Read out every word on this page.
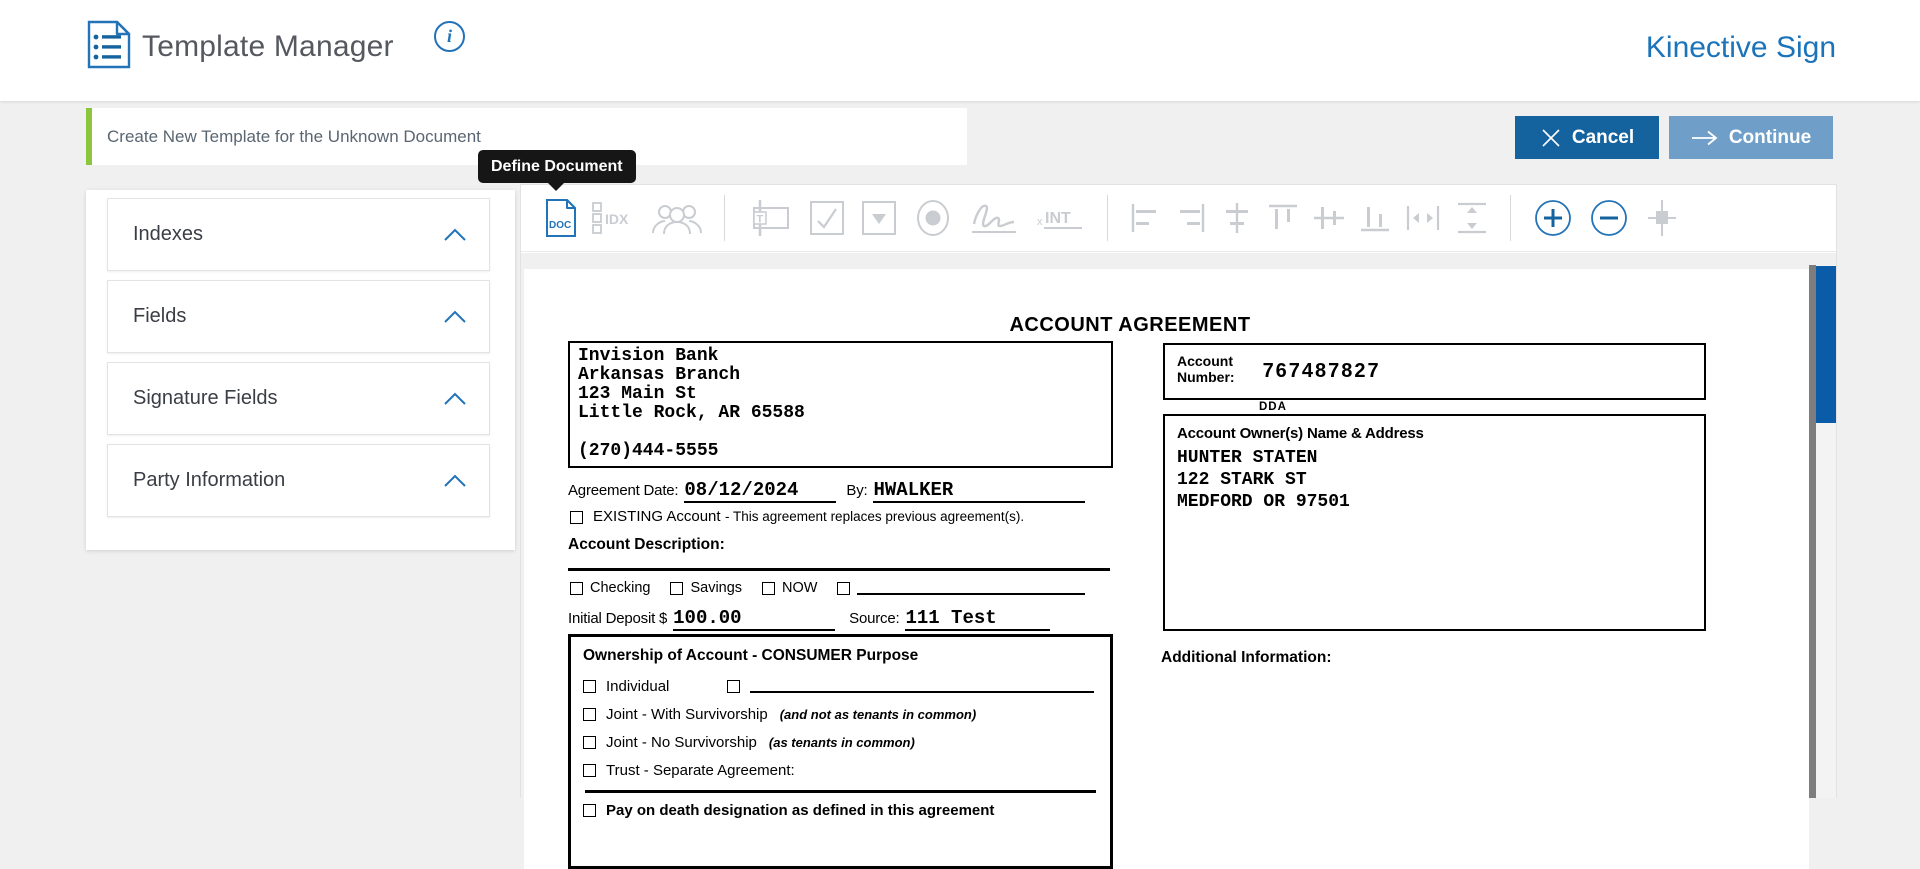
Template Manager	i	Kinective Sign
Create New Template for the Unknown Document	Cancel	Continue
Define Document
Indexes
Fields
Signature Fields
Party Information
DOC IDX	T	x INT
ACCOUNT AGREEMENT
Invision Bank
Arkansas Branch
123 Main St
Little Rock, AR 65588
(270)444-5555
Agreement Date: 08/12/2024	By: HWALKER
EXISTING Account - This agreement replaces previous agreement(s).
Account Description:
Checking	Savings	NOW
Initial Deposit $ 100.00	Source: 111 Test
Ownership of Account - CONSUMER Purpose
Individual
Joint - With Survivorship (and not as tenants in common)
Joint - No Survivorship (as tenants in common)
Trust - Separate Agreement:
Pay on death designation as defined in this agreement
Account
Number: 767487827
DDA
Account Owner(s) Name & Address
HUNTER STATEN
122 STARK ST
MEDFORD OR 97501
Additional Information:
